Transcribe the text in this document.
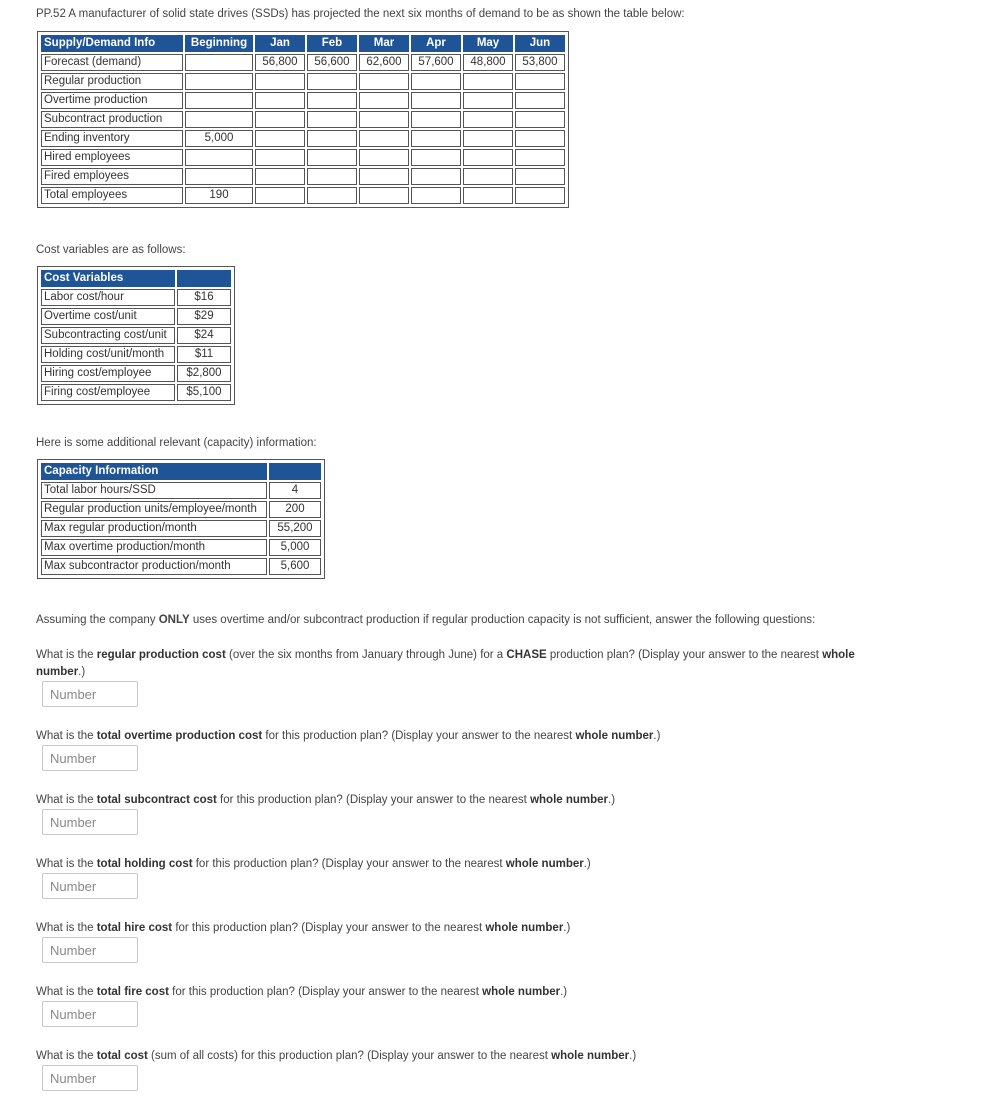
PP.52 A manufacturer of solid state drives (SSDs) has projected the next six months of demand to be as shown the table below:
Supply/Demand Info	Beginning	Jan	Feb	Mar	Apr	May	Jun
Forecast (demand)		56,800	56,600	62,600	57,600	48,800	53,800
Regular production							
Overtime production							
Subcontract production							
Ending inventory	5,000						
Hired employees							
Fired employees							
Total employees	190						
Cost variables are as follows:
Cost Variables	
Labor cost/hour	$16
Overtime cost/unit	$29
Subcontracting cost/unit	$24
Holding cost/unit/month	$11
Hiring cost/employee	$2,800
Firing cost/employee	$5,100
Here is some additional relevant (capacity) information:
Capacity Information	
Total labor hours/SSD	4
Regular production units/employee/month	200
Max regular production/month	55,200
Max overtime production/month	5,000
Max subcontractor production/month	5,600
Assuming the company ONLY uses overtime and/or subcontract production if regular production capacity is not sufficient, answer the following questions:
What is the regular production cost (over the six months from January through June) for a CHASE production plan? (Display your answer to the nearest whole number.)
Number
What is the total overtime production cost for this production plan? (Display your answer to the nearest whole number.)
Number
What is the total subcontract cost for this production plan? (Display your answer to the nearest whole number.)
Number
What is the total holding cost for this production plan? (Display your answer to the nearest whole number.)
Number
What is the total hire cost for this production plan? (Display your answer to the nearest whole number.)
Number
What is the total fire cost for this production plan? (Display your answer to the nearest whole number.)
Number
What is the total cost (sum of all costs) for this production plan? (Display your answer to the nearest whole number.)
Number
